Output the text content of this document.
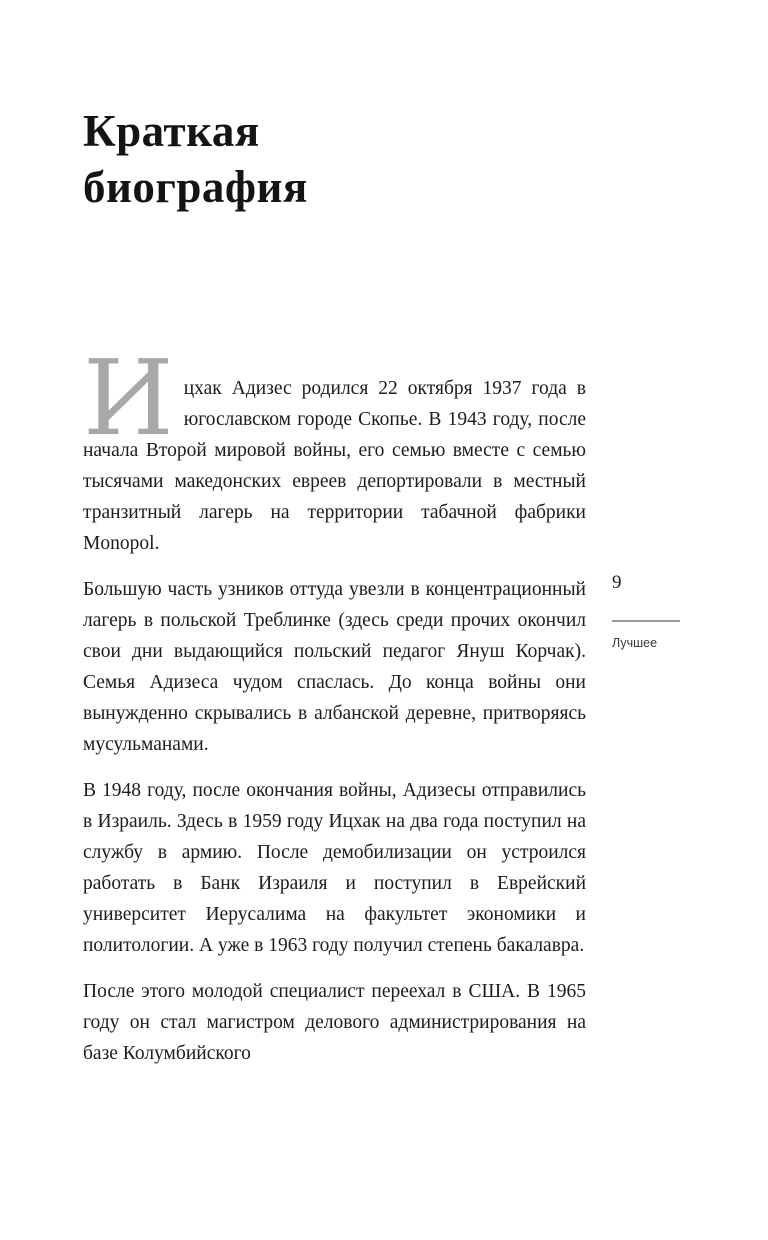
Краткая
биография

Ицхак Адизес родился 22 октября 1937 года в югославском городе Скопье. В 1943 году, после начала Второй мировой войны, его семью вместе с семью тысячами македонских евреев депортировали в местный транзитный лагерь на территории табачной фабрики Monopol.

Большую часть узников оттуда увезли в концентрационный лагерь в польской Треблинке (здесь среди прочих окончил свои дни выдающийся польский педагог Януш Корчак). Семья Адизеса чудом спаслась. До конца войны они вынужденно скрывались в албанской деревне, притворяясь мусульманами.

В 1948 году, после окончания войны, Адизесы отправились в Израиль. Здесь в 1959 году Ицхак на два года поступил на службу в армию. После демобилизации он устроился работать в Банк Израиля и поступил в Еврейский университет Иерусалима на факультет экономики и политологии. А уже в 1963 году получил степень бакалавра.

После этого молодой специалист переехал в США. В 1965 году он стал магистром делового администрирования на базе Колумбийского

9
Лучшее
